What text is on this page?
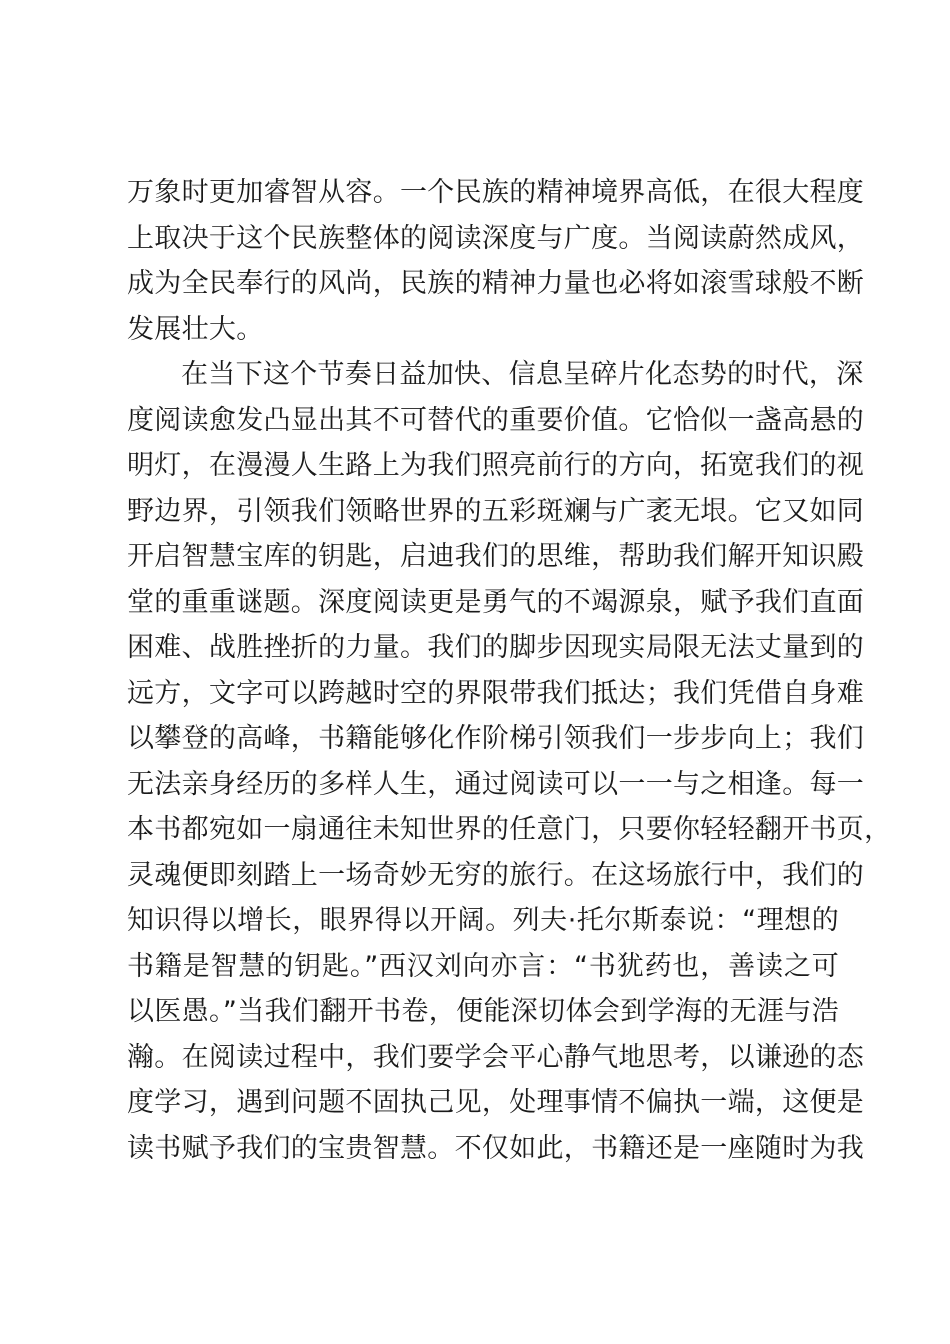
万象时更加睿智从容。一个民族的精神境界高低，在很大程度
上取决于这个民族整体的阅读深度与广度。当阅读蔚然成风，
成为全民奉行的风尚，民族的精神力量也必将如滚雪球般不断
发展壮大。
在当下这个节奏日益加快、信息呈碎片化态势的时代，深
度阅读愈发凸显出其不可替代的重要价值。它恰似一盏高悬的
明灯，在漫漫人生路上为我们照亮前行的方向，拓宽我们的视
野边界，引领我们领略世界的五彩斑斓与广袤无垠。它又如同
开启智慧宝库的钥匙，启迪我们的思维，帮助我们解开知识殿
堂的重重谜题。深度阅读更是勇气的不竭源泉，赋予我们直面
困难、战胜挫折的力量。我们的脚步因现实局限无法丈量到的
远方，文字可以跨越时空的界限带我们抵达；我们凭借自身难
以攀登的高峰，书籍能够化作阶梯引领我们一步步向上；我们
无法亲身经历的多样人生，通过阅读可以一一与之相逢。每一
本书都宛如一扇通往未知世界的任意门，只要你轻轻翻开书页，
灵魂便即刻踏上一场奇妙无穷的旅行。在这场旅行中，我们的
知识得以增长，眼界得以开阔。列夫·托尔斯泰说：“理想的
书籍是智慧的钥匙。”西汉刘向亦言：“书犹药也，善读之可
以医愚。”当我们翻开书卷，便能深切体会到学海的无涯与浩
瀚。在阅读过程中，我们要学会平心静气地思考，以谦逊的态
度学习，遇到问题不固执己见，处理事情不偏执一端，这便是
读书赋予我们的宝贵智慧。不仅如此，书籍还是一座随时为我
